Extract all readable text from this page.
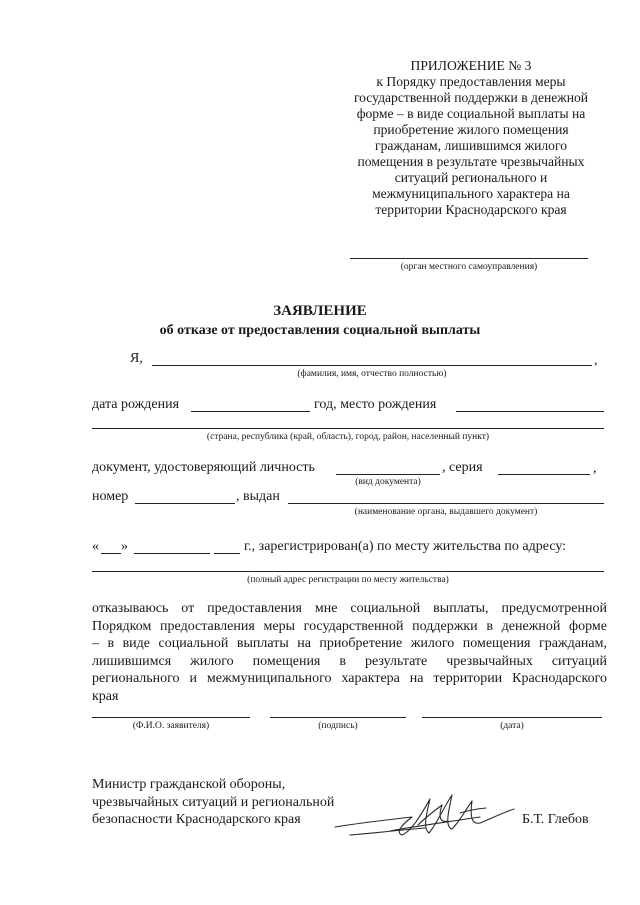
ПРИЛОЖЕНИЕ № 3
к Порядку предоставления меры
государственной поддержки в денежной
форме – в виде социальной выплаты на
приобретение жилого помещения
гражданам, лишившимся жилого
помещения в результате чрезвычайных
ситуаций регионального и
межмуниципального характера на
территории Краснодарского края
(орган местного самоуправления)
ЗАЯВЛЕНИЕ
об отказе от предоставления социальной выплаты
Я,	,
(фамилия, имя, отчество полностью)
дата рождения	год, место рождения
(страна, республика (край, область), город, район, населенный пункт)
документ, удостоверяющий личность	, серия	,
(вид документа)
номер	, выдан
(наименование органа, выдавшего документ)
« »	г., зарегистрирован(а) по месту жительства по адресу:
(полный адрес регистрации по месту жительства)
отказываюсь от предоставления мне социальной выплаты, предусмотренной
Порядком предоставления меры государственной поддержки в денежной форме
– в виде социальной выплаты на приобретение жилого помещения гражданам,
лишившимся жилого помещения в результате чрезвычайных ситуаций
регионального и межмуниципального характера на территории Краснодарского
края
(Ф.И.О. заявителя)	(подпись)	(дата)
Министр гражданской обороны,
чрезвычайных ситуаций и региональной
безопасности Краснодарского края	Б.Т. Глебов
